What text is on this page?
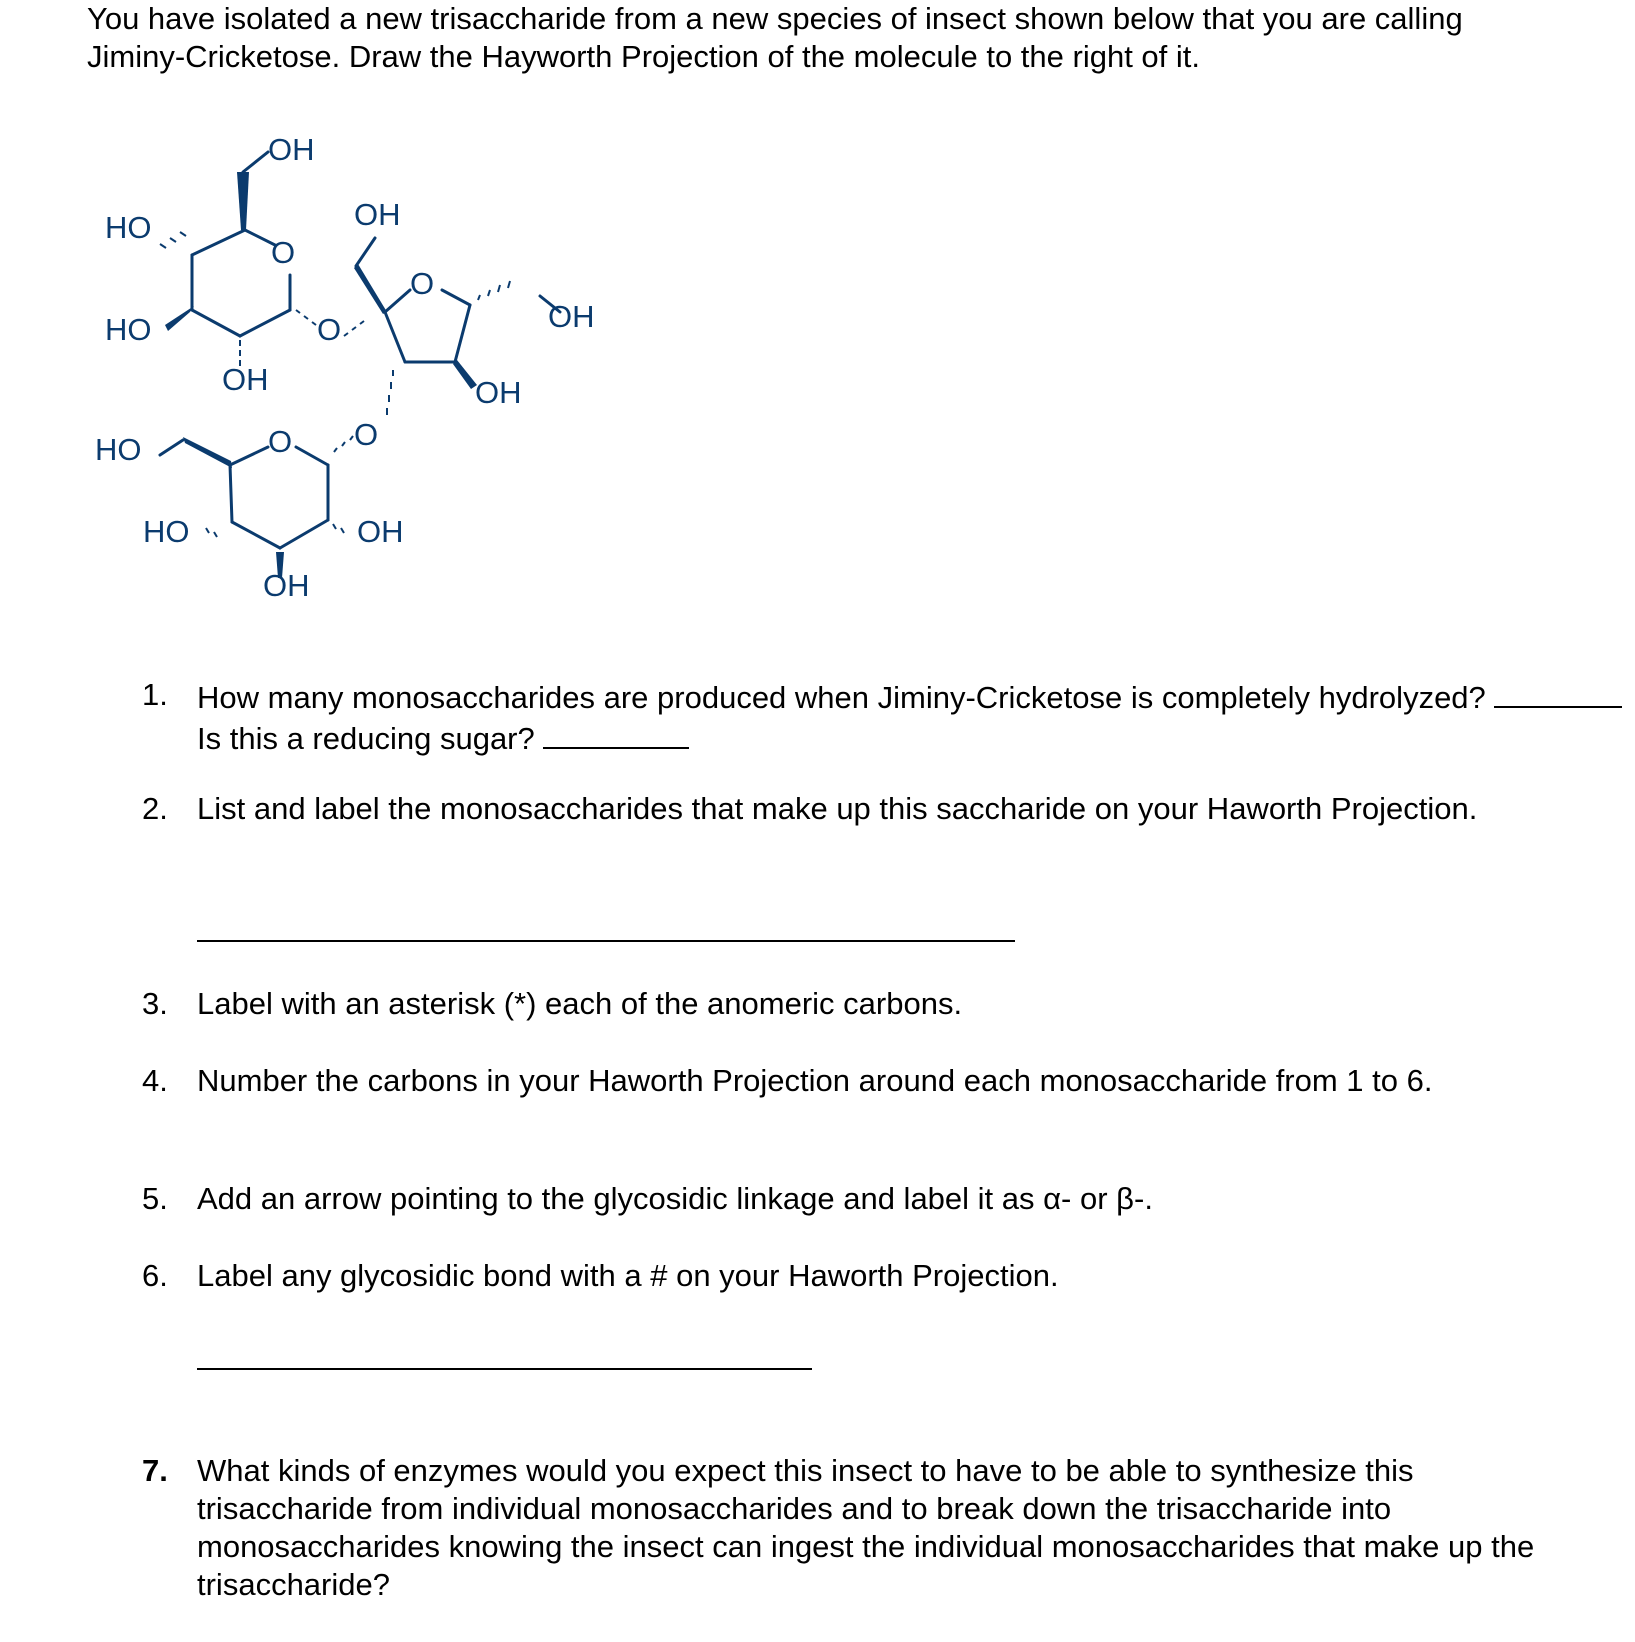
You have isolated a new trisaccharide from a new species of insect shown below that you are calling Jiminy-Cricketose. Draw the Hayworth Projection of the molecule to the right of it.
OH
HO
O
HO
OH
O
OH
O
OH
OH
O
HO	O
HO	OH
OH
1. How many monosaccharides are produced when Jiminy-Cricketose is completely hydrolyzed?   Is this a reducing sugar?
2. List and label the monosaccharides that make up this saccharide on your Haworth Projection.
3. Label with an asterisk (*) each of the anomeric carbons.
4. Number the carbons in your Haworth Projection around each monosaccharide from 1 to 6.
5. Add an arrow pointing to the glycosidic linkage and label it as α- or β-.
6. Label any glycosidic bond with a # on your Haworth Projection.
7. What kinds of enzymes would you expect this insect to have to be able to synthesize this trisaccharide from individual monosaccharides and to break down the trisaccharide into monosaccharides knowing the insect can ingest the individual monosaccharides that make up the trisaccharide?
